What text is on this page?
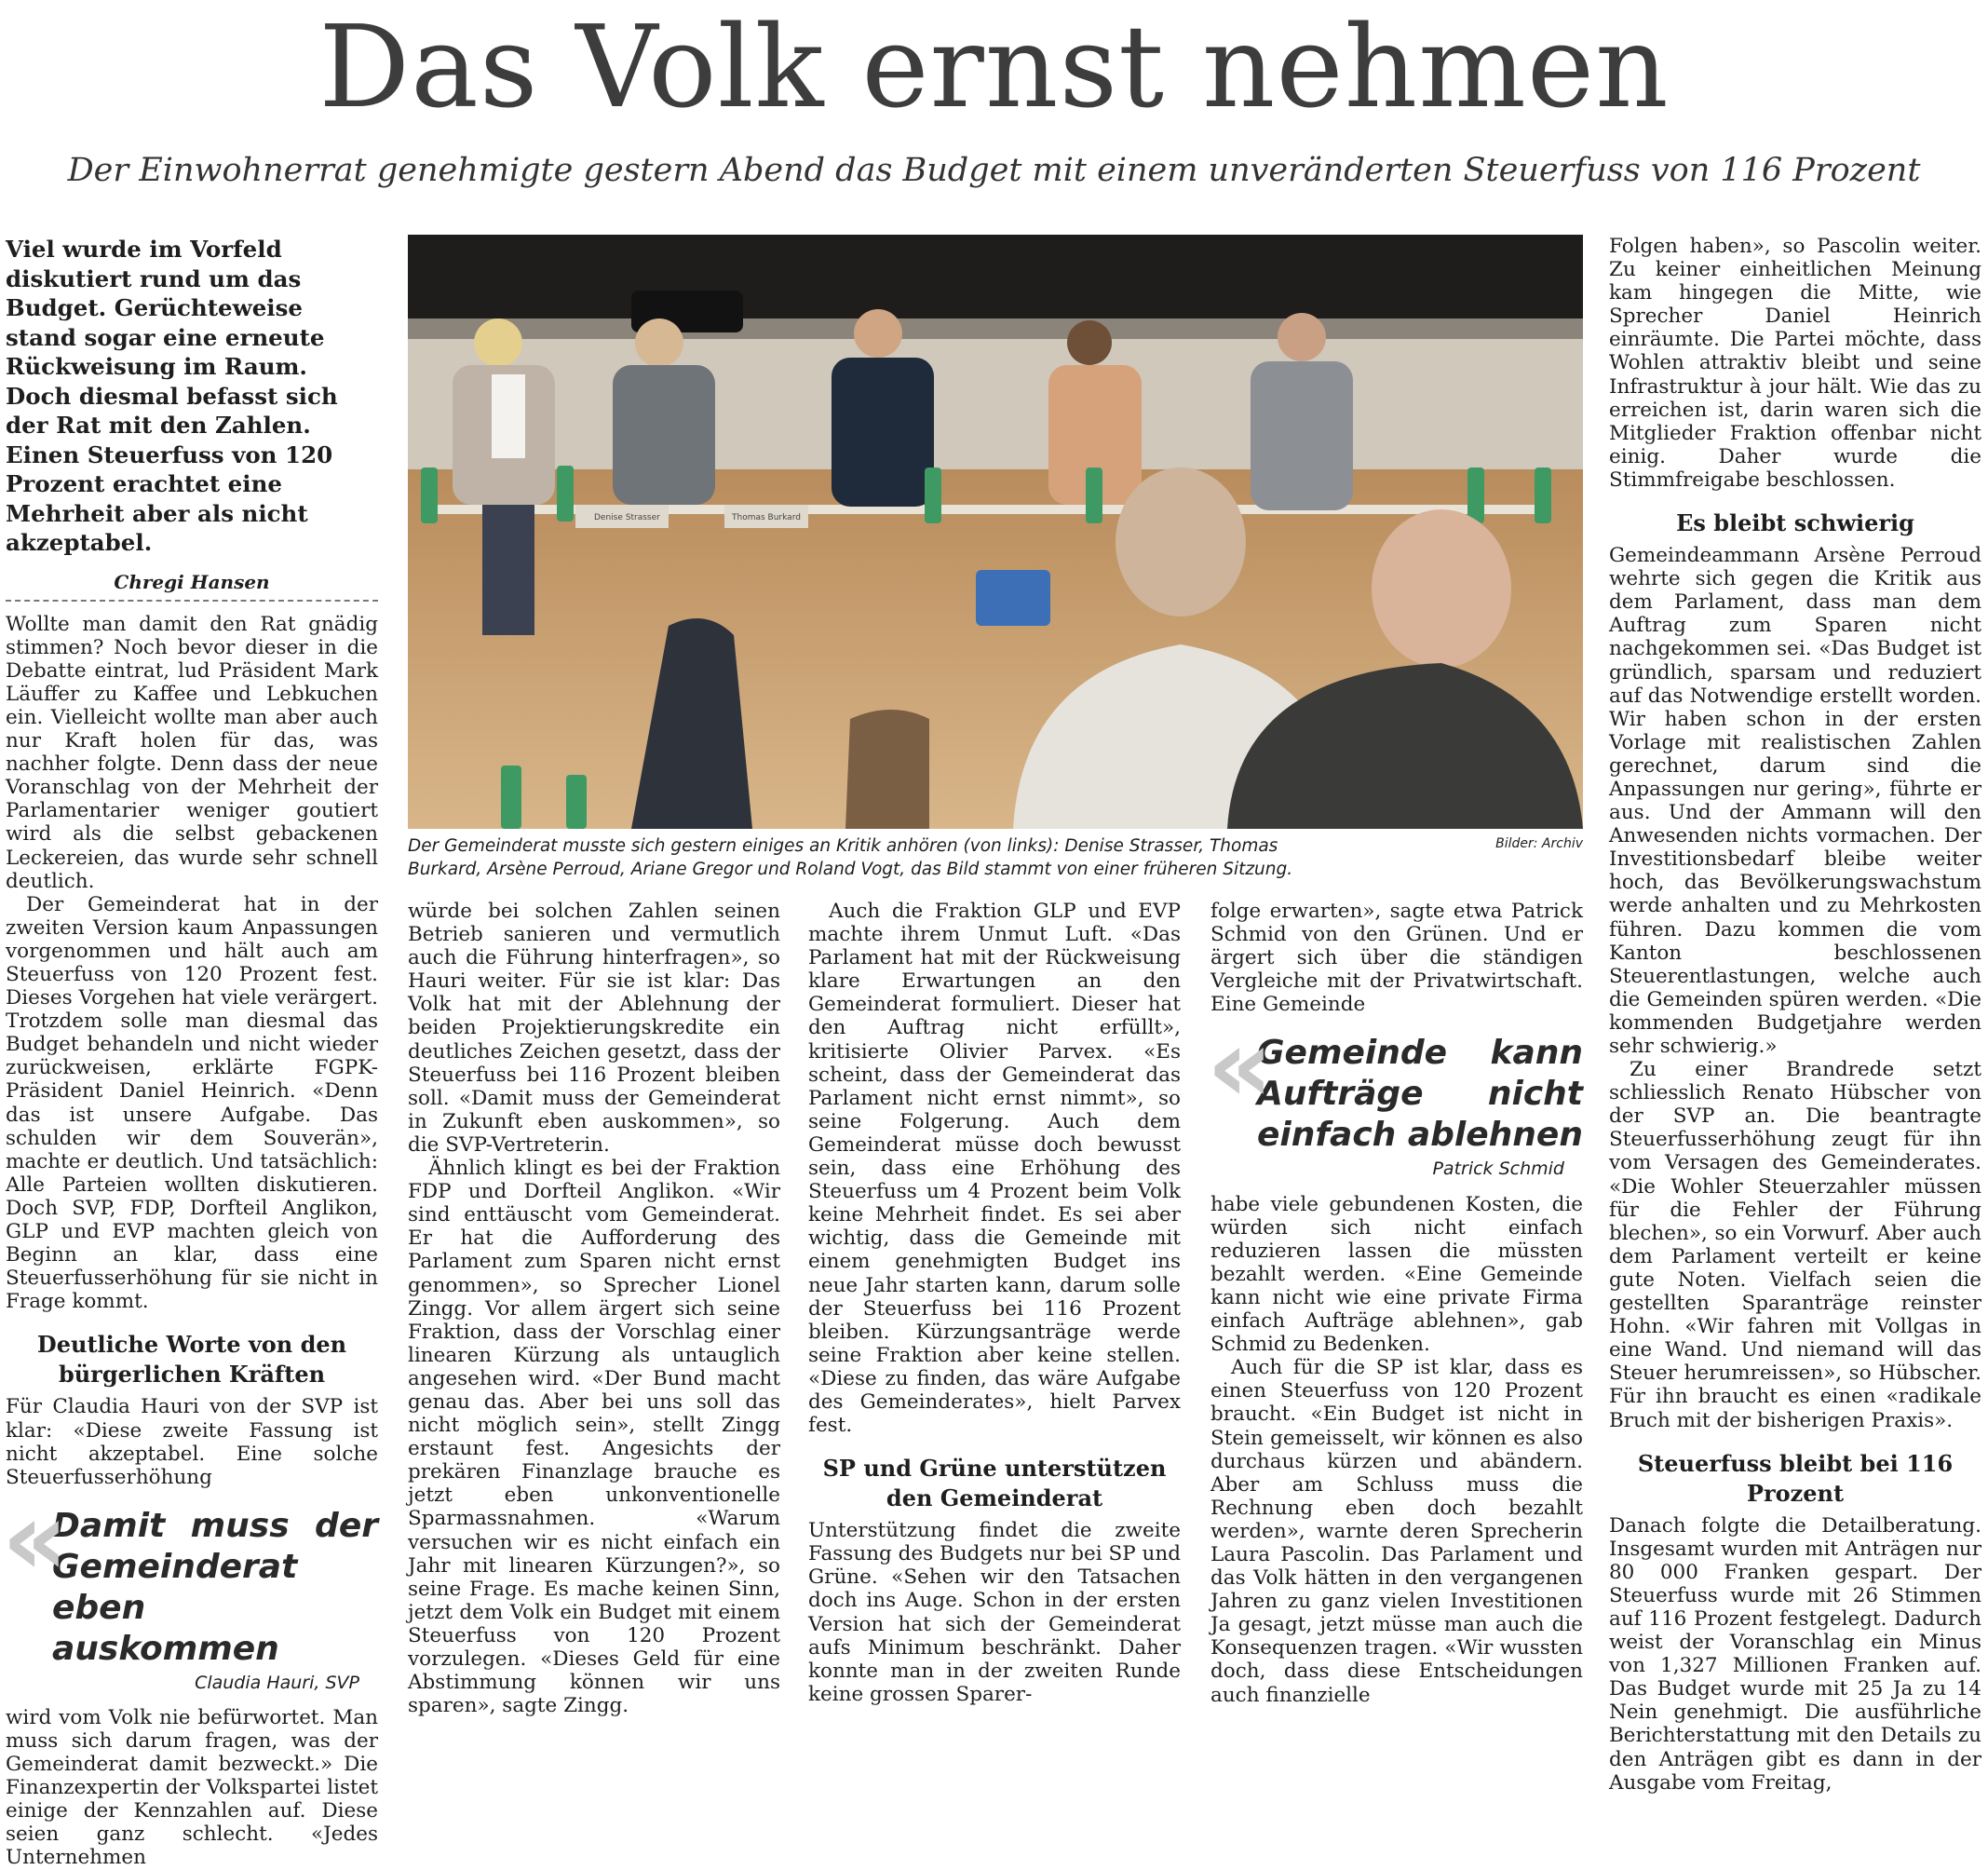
Das Volk ernst nehmen
Der Einwohnerrat genehmigte gestern Abend das Budget mit einem unveränderten Steuerfuss von 116 Prozent

Viel wurde im Vorfeld diskutiert rund um das Budget. Gerüchteweise stand sogar eine erneute Rückweisung im Raum. Doch diesmal befasst sich der Rat mit den Zahlen. Einen Steuerfuss von 120 Prozent erachtet eine Mehrheit aber als nicht akzeptabel.

Chregi Hansen

Wollte man damit den Rat gnädig stimmen? Noch bevor dieser in die Debatte eintrat, lud Präsident Mark Läuffer zu Kaffee und Lebkuchen ein. Vielleicht wollte man aber auch nur Kraft holen für das, was nachher folgte. Denn dass der neue Voranschlag von der Mehrheit der Parlamentarier weniger goutiert wird als die selbst gebackenen Leckereien, das wurde sehr schnell deutlich.

Der Gemeinderat hat in der zweiten Version kaum Anpassungen vorgenommen und hält auch am Steuerfuss von 120 Prozent fest. Dieses Vorgehen hat viele verärgert. Trotzdem solle man diesmal das Budget behandeln und nicht wieder zurückweisen, erklärte FGPK-Präsident Daniel Heinrich. «Denn das ist unsere Aufgabe. Das schulden wir dem Souverän», machte er deutlich. Und tatsächlich: Alle Parteien wollten diskutieren. Doch SVP, FDP, Dorfteil Anglikon, GLP und EVP machten gleich von Beginn an klar, dass eine Steuerfusserhöhung für sie nicht in Frage kommt.

Deutliche Worte von den bürgerlichen Kräften

Für Claudia Hauri von der SVP ist klar: «Diese zweite Fassung ist nicht akzeptabel. Eine solche Steuerfusserhöhung

«
Damit muss der Gemeinderat eben auskommen
Claudia Hauri, SVP

wird vom Volk nie befürwortet. Man muss sich darum fragen, was der Gemeinderat damit bezweckt.» Die Finanzexpertin der Volkspartei listet einige der Kennzahlen auf. Diese seien ganz schlecht. «Jedes Unternehmen

Denise Strasser	Thomas Burkard
Der Gemeinderat musste sich gestern einiges an Kritik anhören (von links): Denise Strasser, Thomas Burkard, Arsène Perroud, Ariane Gregor und Roland Vogt, das Bild stammt von einer früheren Sitzung.
Bilder: Archiv

würde bei solchen Zahlen seinen Betrieb sanieren und vermutlich auch die Führung hinterfragen», so Hauri weiter. Für sie ist klar: Das Volk hat mit der Ablehnung der beiden Projektierungskredite ein deutliches Zeichen gesetzt, dass der Steuerfuss bei 116 Prozent bleiben soll. «Damit muss der Gemeinderat in Zukunft eben auskommen», so die SVP-Vertreterin.

Ähnlich klingt es bei der Fraktion FDP und Dorfteil Anglikon. «Wir sind enttäuscht vom Gemeinderat. Er hat die Aufforderung des Parlament zum Sparen nicht ernst genommen», so Sprecher Lionel Zingg. Vor allem ärgert sich seine Fraktion, dass der Vorschlag einer linearen Kürzung als untauglich angesehen wird. «Der Bund macht genau das. Aber bei uns soll das nicht möglich sein», stellt Zingg erstaunt fest. Angesichts der prekären Finanzlage brauche es jetzt eben unkonventionelle Sparmassnahmen. «Warum versuchen wir es nicht einfach ein Jahr mit linearen Kürzungen?», so seine Frage. Es mache keinen Sinn, jetzt dem Volk ein Budget mit einem Steuerfuss von 120 Prozent vorzulegen. «Dieses Geld für eine Abstimmung können wir uns sparen», sagte Zingg.

Auch die Fraktion GLP und EVP machte ihrem Unmut Luft. «Das Parlament hat mit der Rückweisung klare Erwartungen an den Gemeinderat formuliert. Dieser hat den Auftrag nicht erfüllt», kritisierte Olivier Parvex. «Es scheint, dass der Gemeinderat das Parlament nicht ernst nimmt», so seine Folgerung. Auch dem Gemeinderat müsse doch bewusst sein, dass eine Erhöhung des Steuerfuss um 4 Prozent beim Volk keine Mehrheit findet. Es sei aber wichtig, dass die Gemeinde mit einem genehmigten Budget ins neue Jahr starten kann, darum solle der Steuerfuss bei 116 Prozent bleiben. Kürzungsanträge werde seine Fraktion aber keine stellen. «Diese zu finden, das wäre Aufgabe des Gemeinderates», hielt Parvex fest.

SP und Grüne unterstützen den Gemeinderat

Unterstützung findet die zweite Fassung des Budgets nur bei SP und Grüne. «Sehen wir den Tatsachen doch ins Auge. Schon in der ersten Version hat sich der Gemeinderat aufs Minimum beschränkt. Daher konnte man in der zweiten Runde keine grossen Sparer-

folge erwarten», sagte etwa Patrick Schmid von den Grünen. Und er ärgert sich über die ständigen Vergleiche mit der Privatwirtschaft. Eine Gemeinde

«
Gemeinde kann Aufträge nicht einfach ablehnen
Patrick Schmid

habe viele gebundenen Kosten, die würden sich nicht einfach reduzieren lassen die müssten bezahlt werden. «Eine Gemeinde kann nicht wie eine private Firma einfach Aufträge ablehnen», gab Schmid zu Bedenken.

Auch für die SP ist klar, dass es einen Steuerfuss von 120 Prozent braucht. «Ein Budget ist nicht in Stein gemeisselt, wir können es also durchaus kürzen und abändern. Aber am Schluss muss die Rechnung eben doch bezahlt werden», warnte deren Sprecherin Laura Pascolin. Das Parlament und das Volk hätten in den vergangenen Jahren zu ganz vielen Investitionen Ja gesagt, jetzt müsse man auch die Konsequenzen tragen. «Wir wussten doch, dass diese Entscheidungen auch finanzielle

Folgen haben», so Pascolin weiter. Zu keiner einheitlichen Meinung kam hingegen die Mitte, wie Sprecher Daniel Heinrich einräumte. Die Partei möchte, dass Wohlen attraktiv bleibt und seine Infrastruktur à jour hält. Wie das zu erreichen ist, darin waren sich die Mitglieder Fraktion offenbar nicht einig. Daher wurde die Stimmfreigabe beschlossen.

Es bleibt schwierig

Gemeindeammann Arsène Perroud wehrte sich gegen die Kritik aus dem Parlament, dass man dem Auftrag zum Sparen nicht nachgekommen sei. «Das Budget ist gründlich, sparsam und reduziert auf das Notwendige erstellt worden. Wir haben schon in der ersten Vorlage mit realistischen Zahlen gerechnet, darum sind die Anpassungen nur gering», führte er aus. Und der Ammann will den Anwesenden nichts vormachen. Der Investitionsbedarf bleibe weiter hoch, das Bevölkerungswachstum werde anhalten und zu Mehrkosten führen. Dazu kommen die vom Kanton beschlossenen Steuerentlastungen, welche auch die Gemeinden spüren werden. «Die kommenden Budgetjahre werden sehr schwierig.»

Zu einer Brandrede setzt schliesslich Renato Hübscher von der SVP an. Die beantragte Steuerfusserhöhung zeugt für ihn vom Versagen des Gemeinderates. «Die Wohler Steuerzahler müssen für die Fehler der Führung blechen», so ein Vorwurf. Aber auch dem Parlament verteilt er keine gute Noten. Vielfach seien die gestellten Sparanträge reinster Hohn. «Wir fahren mit Vollgas in eine Wand. Und niemand will das Steuer herumreissen», so Hübscher. Für ihn braucht es einen «radikale Bruch mit der bisherigen Praxis».

Steuerfuss bleibt bei 116 Prozent

Danach folgte die Detailberatung. Insgesamt wurden mit Anträgen nur 80 000 Franken gespart. Der Steuerfuss wurde mit 26 Stimmen auf 116 Prozent festgelegt. Dadurch weist der Voranschlag ein Minus von 1,327 Millionen Franken auf. Das Budget wurde mit 25 Ja zu 14 Nein genehmigt. Die ausführliche Berichterstattung mit den Details zu den Anträgen gibt es dann in der Ausgabe vom Freitag,
